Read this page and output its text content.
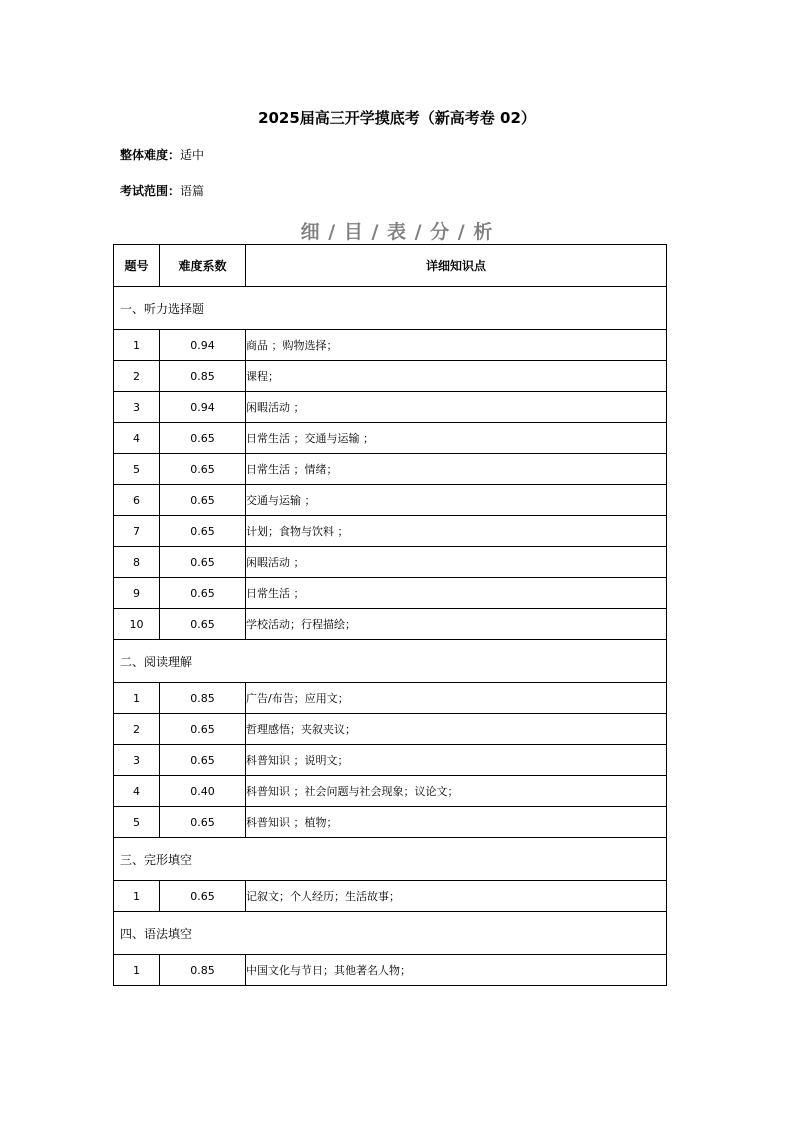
2025届高三开学摸底考（新高考卷 02）
整体难度：适中
考试范围：语篇
细 / 目 / 表 / 分 / 析
题号	难度系数	详细知识点
一、听力选择题		
1	0.94	商品 ；购物选择；
2	0.85	课程；
3	0.94	闲暇活动 ；
4	0.65	日常生活 ；交通与运输 ；
5	0.65	日常生活 ；情绪；
6	0.65	交通与运输 ；
7	0.65	计划；食物与饮料 ；
8	0.65	闲暇活动 ；
9	0.65	日常生活 ；
10	0.65	学校活动；行程描绘；
二、阅读理解		
1	0.85	广告/布告；应用文；
2	0.65	哲理感悟；夹叙夹议；
3	0.65	科普知识 ；说明文；
4	0.40	科普知识 ；社会问题与社会现象；议论文；
5	0.65	科普知识 ；植物；
三、完形填空		
1	0.65	记叙文；个人经历；生活故事；
四、语法填空		
1	0.85	中国文化与节日；其他著名人物；
